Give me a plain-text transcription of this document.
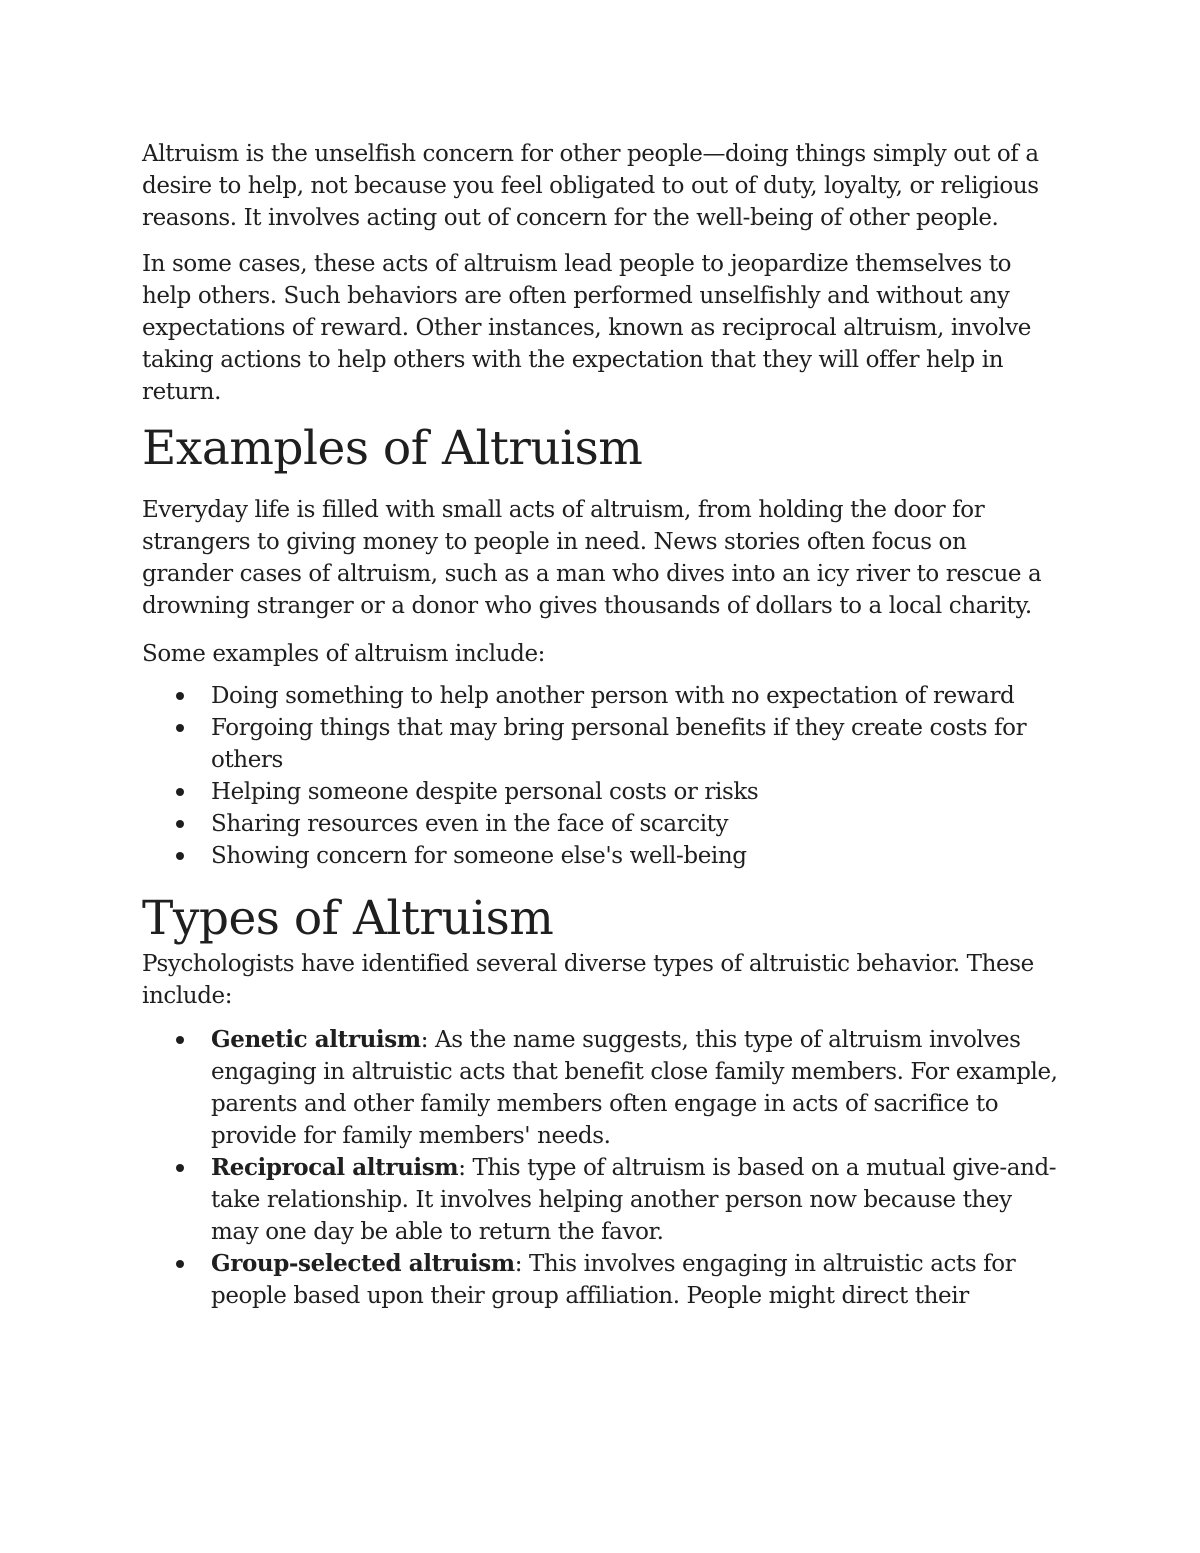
Altruism is the unselfish concern for other people—doing things simply out of a desire to help, not because you feel obligated to out of duty, loyalty, or religious reasons. It involves acting out of concern for the well-being of other people.

In some cases, these acts of altruism lead people to jeopardize themselves to help others. Such behaviors are often performed unselfishly and without any expectations of reward. Other instances, known as reciprocal altruism, involve taking actions to help others with the expectation that they will offer help in return.

Examples of Altruism

Everyday life is filled with small acts of altruism, from holding the door for strangers to giving money to people in need. News stories often focus on grander cases of altruism, such as a man who dives into an icy river to rescue a drowning stranger or a donor who gives thousands of dollars to a local charity.

Some examples of altruism include:

Doing something to help another person with no expectation of reward
Forgoing things that may bring personal benefits if they create costs for others
Helping someone despite personal costs or risks
Sharing resources even in the face of scarcity
Showing concern for someone else's well-being
Types of Altruism

Psychologists have identified several diverse types of altruistic behavior. These include:

Genetic altruism: As the name suggests, this type of altruism involves engaging in altruistic acts that benefit close family members. For example, parents and other family members often engage in acts of sacrifice to provide for family members' needs.
Reciprocal altruism: This type of altruism is based on a mutual give-and-take relationship. It involves helping another person now because they may one day be able to return the favor.
Group-selected altruism: This involves engaging in altruistic acts for people based upon their group affiliation. People might direct their
